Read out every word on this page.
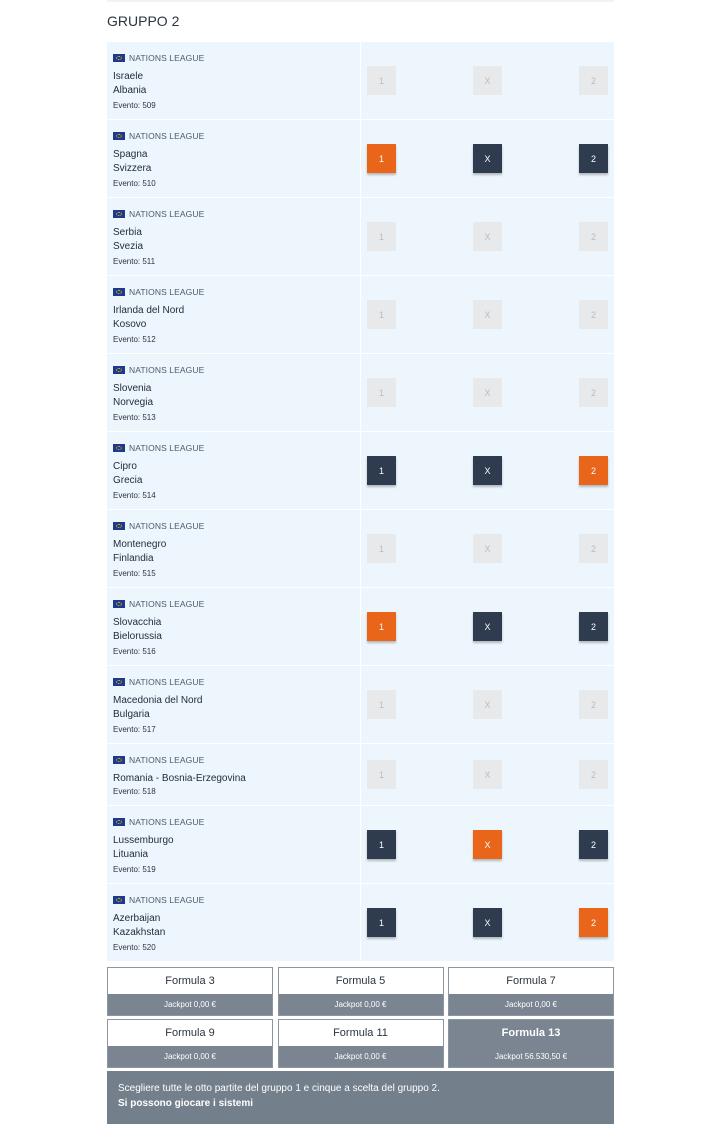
GRUPPO 2
NATIONS LEAGUE
Israele
Albania
Evento: 509
1	X	2
NATIONS LEAGUE
Spagna
Svizzera
Evento: 510
1	X	2
NATIONS LEAGUE
Serbia
Svezia
Evento: 511
1	X	2
NATIONS LEAGUE
Irlanda del Nord
Kosovo
Evento: 512
1	X	2
NATIONS LEAGUE
Slovenia
Norvegia
Evento: 513
1	X	2
NATIONS LEAGUE
Cipro
Grecia
Evento: 514
1	X	2
NATIONS LEAGUE
Montenegro
Finlandia
Evento: 515
1	X	2
NATIONS LEAGUE
Slovacchia
Bielorussia
Evento: 516
1	X	2
NATIONS LEAGUE
Macedonia del Nord
Bulgaria
Evento: 517
1	X	2
NATIONS LEAGUE
Romania - Bosnia-Erzegovina
Evento: 518
1	X	2
NATIONS LEAGUE
Lussemburgo
Lituania
Evento: 519
1	X	2
NATIONS LEAGUE
Azerbaijan
Kazakhstan
Evento: 520
1	X	2
Formula 3
Jackpot 0,00 €
Formula 5
Jackpot 0,00 €
Formula 7
Jackpot 0,00 €
Formula 9
Jackpot 0,00 €
Formula 11
Jackpot 0,00 €
Formula 13
Jackpot 56.530,50 €
Scegliere tutte le otto partite del gruppo 1 e cinque a scelta del gruppo 2.
Si possono giocare i sistemi
